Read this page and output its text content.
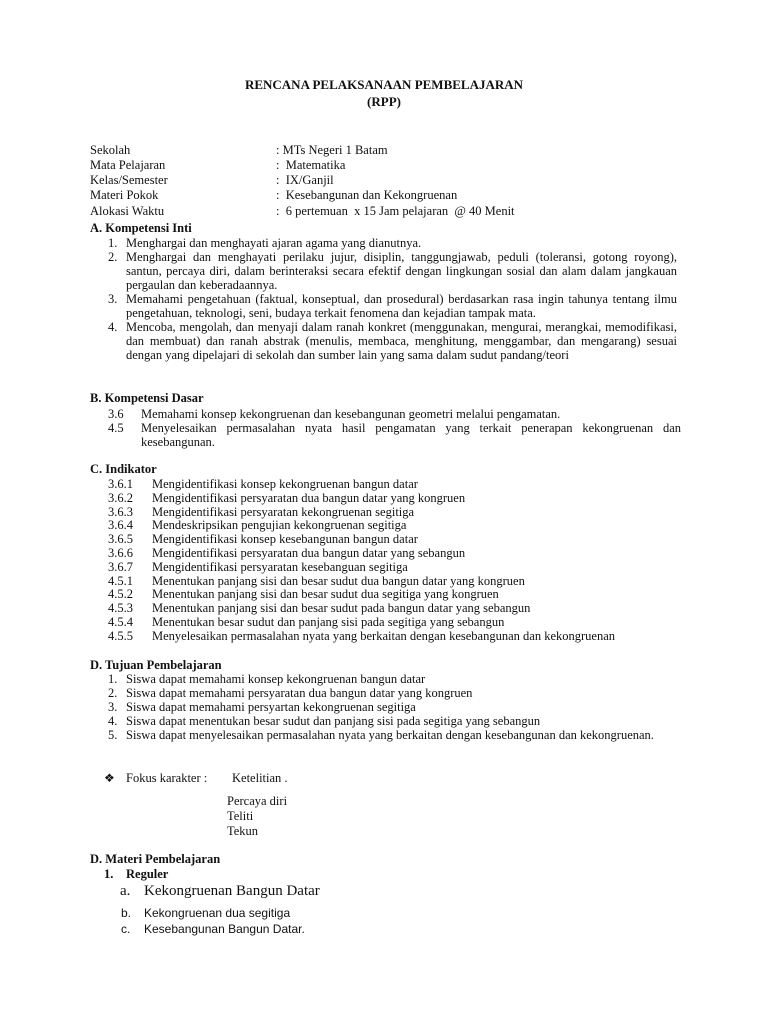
RENCANA PELAKSANAAN PEMBELAJARAN
(RPP)
Sekolah	: MTs Negeri 1 Batam
Mata Pelajaran	:  Matematika
Kelas/Semester	:  IX/Ganjil
Materi Pokok	:  Kesebangunan dan Kekongruenan
Alokasi Waktu	:  6 pertemuan  x 15 Jam pelajaran  @ 40 Menit
A. Kompetensi Inti
1. Menghargai dan menghayati ajaran agama yang dianutnya.
2. Menghargai dan menghayati perilaku jujur, disiplin, tanggungjawab, peduli (toleransi, gotong royong), santun, percaya diri, dalam berinteraksi secara efektif dengan lingkungan sosial dan alam dalam jangkauan pergaulan dan keberadaannya.
3. Memahami pengetahuan (faktual, konseptual, dan prosedural) berdasarkan rasa ingin tahunya tentang ilmu pengetahuan, teknologi, seni, budaya terkait fenomena dan kejadian tampak mata.
4. Mencoba, mengolah, dan menyaji dalam ranah konkret (menggunakan, mengurai, merangkai, memodifikasi, dan membuat) dan ranah abstrak (menulis, membaca, menghitung, menggambar, dan mengarang) sesuai dengan yang dipelajari di sekolah dan sumber lain yang sama dalam sudut pandang/teori
B. Kompetensi Dasar
3.6 Memahami konsep kekongruenan dan kesebangunan geometri melalui pengamatan.
4.5 Menyelesaikan permasalahan nyata hasil pengamatan yang terkait penerapan kekongruenan dan kesebangunan.
C. Indikator
3.6.1 Mengidentifikasi konsep kekongruenan bangun datar
3.6.2 Mengidentifikasi persyaratan dua bangun datar yang kongruen
3.6.3 Mengidentifikasi persyaratan kekongruenan segitiga
3.6.4 Mendeskripsikan pengujian kekongruenan segitiga
3.6.5 Mengidentifikasi konsep kesebangunan bangun datar
3.6.6 Mengidentifikasi persyaratan dua bangun datar yang sebangun
3.6.7 Mengidentifikasi persyaratan kesebanguan segitiga
4.5.1 Menentukan panjang sisi dan besar sudut dua bangun datar yang kongruen
4.5.2 Menentukan panjang sisi dan besar sudut dua segitiga yang kongruen
4.5.3 Menentukan panjang sisi dan besar sudut pada bangun datar yang sebangun
4.5.4 Menentukan besar sudut dan panjang sisi pada segitiga yang sebangun
4.5.5 Menyelesaikan permasalahan nyata yang berkaitan dengan kesebangunan dan kekongruenan
D. Tujuan Pembelajaran
1. Siswa dapat memahami konsep kekongruenan bangun datar
2. Siswa dapat memahami persyaratan dua bangun datar yang kongruen
3. Siswa dapat memahami persyartan kekongruenan segitiga
4. Siswa dapat menentukan besar sudut dan panjang sisi pada segitiga yang sebangun
5. Siswa dapat menyelesaikan permasalahan nyata yang berkaitan dengan kesebangunan dan kekongruenan.
❖ Fokus karakter : Ketelitian .
Percaya diri
Teliti
Tekun
D. Materi Pembelajaran
1. Reguler
a. Kekongruenan Bangun Datar
b. Kekongruenan dua segitiga
c. Kesebangunan Bangun Datar.
